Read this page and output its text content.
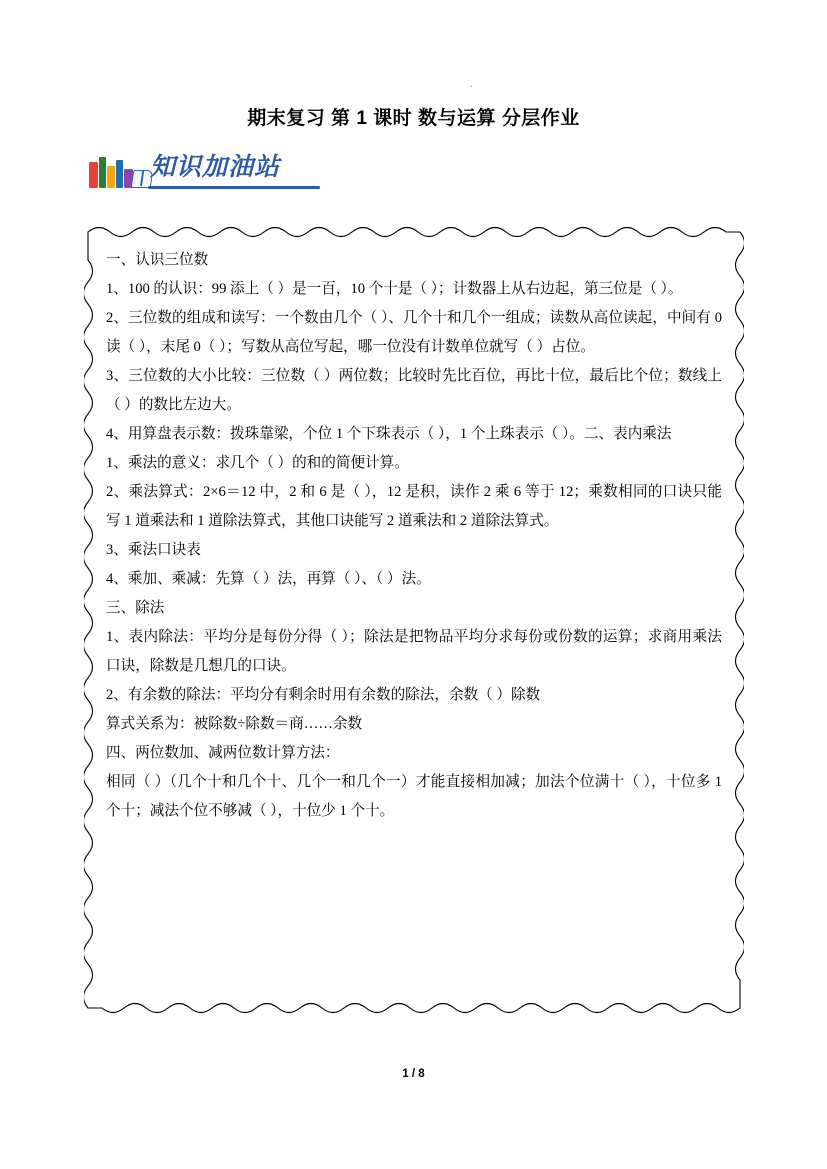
·
期末复习 第 1 课时 数与运算 分层作业
知识加油站

一、认识三位数

1、100 的认识：99 添上（ ）是一百，10 个十是（ ）；计数器上从右边起，第三位是（ ）。

2、三位数的组成和读写：一个数由几个（ ）、几个十和几个一组成；读数从高位读起，中间有 0 读（ ），末尾 0（ ）；写数从高位写起，哪一位没有计数单位就写（ ）占位。

3、三位数的大小比较：三位数（ ）两位数；比较时先比百位，再比十位，最后比个位；数线上（ ）的数比左边大。

4、用算盘表示数：拨珠靠梁，个位 1 个下珠表示（ ），1 个上珠表示（ ）。二、表内乘法

1、乘法的意义：求几个（ ）的和的简便计算。

2、乘法算式：2×6＝12 中，2 和 6 是（ ），12 是积，读作 2 乘 6 等于 12；乘数相同的口诀只能写 1 道乘法和 1 道除法算式，其他口诀能写 2 道乘法和 2 道除法算式。

3、乘法口诀表

4、乘加、乘减：先算（ ）法，再算（ ）、（ ）法。

三、除法

1、表内除法：平均分是每份分得（ ）；除法是把物品平均分求每份或份数的运算；求商用乘法口诀，除数是几想几的口诀。

2、有余数的除法：平均分有剩余时用有余数的除法，余数（ ）除数

算式关系为：被除数÷除数＝商……余数

四、两位数加、减两位数计算方法：

相同（ ）（几个十和几个十、几个一和几个一）才能直接相加减；加法个位满十（ ），十位多 1 个十；减法个位不够减（ ），十位少 1 个十。

1 / 8
